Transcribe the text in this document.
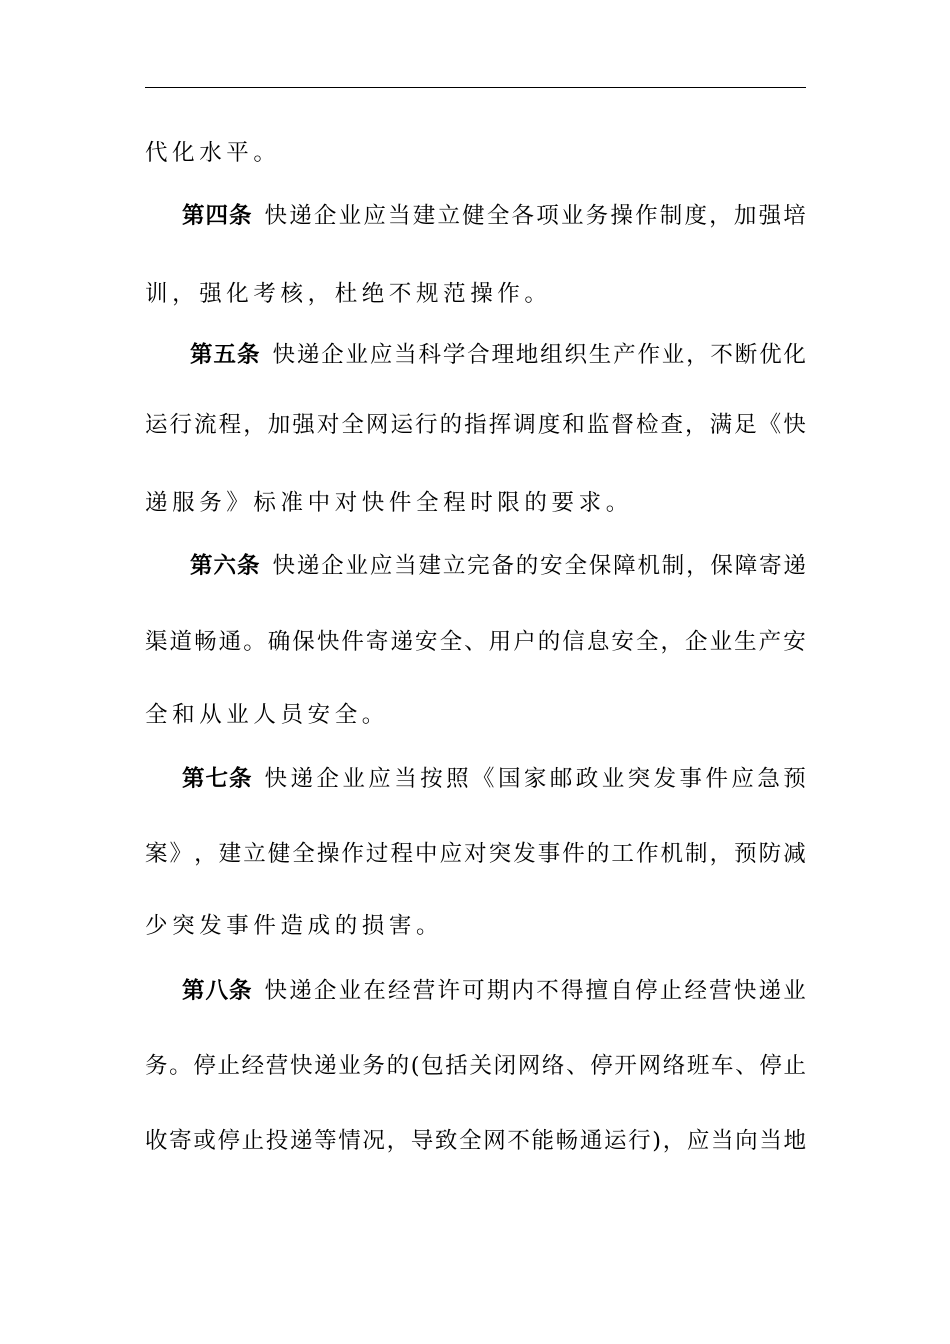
代化水平。
第四条 快 递 企 业 应 当 建 立 健 全 各 项 业 务 操 作 制 度 ， 加 强 培
训，强化考核，杜绝不规范操作。
第五条 快 递 企 业 应 当 科 学 合 理 地 组 织 生 产 作 业 ， 不 断 优 化
运 行 流 程 ， 加 强 对 全 网 运 行 的 指 挥 调 度 和 监 督 检 查 ， 满 足 《 快
递服务》标准中对快件全程时限的要求。
第六条 快 递 企 业 应 当 建 立 完 备 的 安 全 保 障 机 制 ， 保 障 寄 递
渠 道 畅 通 。 确 保 快 件 寄 递 安 全 、 用 户 的 信 息 安 全 ， 企 业 生 产 安
全和从业人员安全。
第七条 快 递 企 业 应 当 按 照 《 国 家 邮 政 业 突 发 事 件 应 急 预
案 》 ， 建 立 健 全 操 作 过 程 中 应 对 突 发 事 件 的 工 作 机 制 ， 预 防 减
少突发事件造成的损害。
第八条 快 递 企 业 在 经 营 许 可 期 内 不 得 擅 自 停 止 经 营 快 递 业
务 。 停 止 经 营 快 递 业 务 的 ( 包 括 关 闭 网 络 、 停 开 网 络 班 车 、 停 止
收 寄 或 停 止 投 递 等 情 况 ， 导 致 全 网 不 能 畅 通 运 行 ) ， 应 当 向 当 地
